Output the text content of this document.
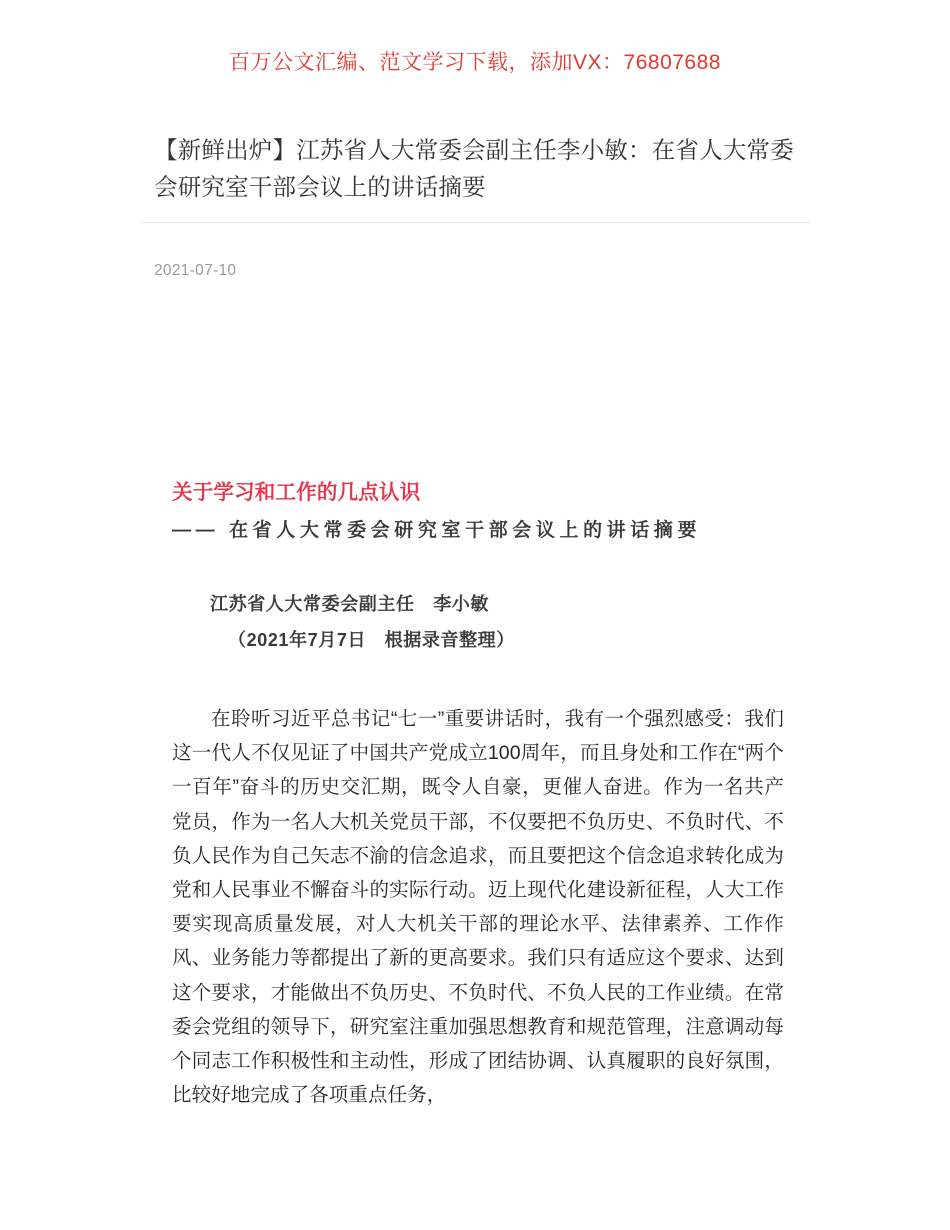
百万公文汇编、范文学习下载，添加VX：76807688
【新鲜出炉】江苏省人大常委会副主任李小敏：在省人大常委会研究室干部会议上的讲话摘要
2021-07-10
关于学习和工作的几点认识
—— 在省人大常委会研究室干部会议上的讲话摘要
江苏省人大常委会副主任　李小敏
（2021年7月7日　根据录音整理）

在聆听习近平总书记“七一”重要讲话时，我有一个强烈感受：我们这一代人不仅见证了中国共产党成立100周年，而且身处和工作在“两个一百年”奋斗的历史交汇期，既令人自豪，更催人奋进。作为一名共产党员，作为一名人大机关党员干部，不仅要把不负历史、不负时代、不负人民作为自己矢志不渝的信念追求，而且要把这个信念追求转化成为党和人民事业不懈奋斗的实际行动。迈上现代化建设新征程，人大工作要实现高质量发展，对人大机关干部的理论水平、法律素养、工作作风、业务能力等都提出了新的更高要求。我们只有适应这个要求、达到这个要求，才能做出不负历史、不负时代、不负人民的工作业绩。在常委会党组的领导下，研究室注重加强思想教育和规范管理，注意调动每个同志工作积极性和主动性，形成了团结协调、认真履职的良好氛围，比较好地完成了各项重点任务，
